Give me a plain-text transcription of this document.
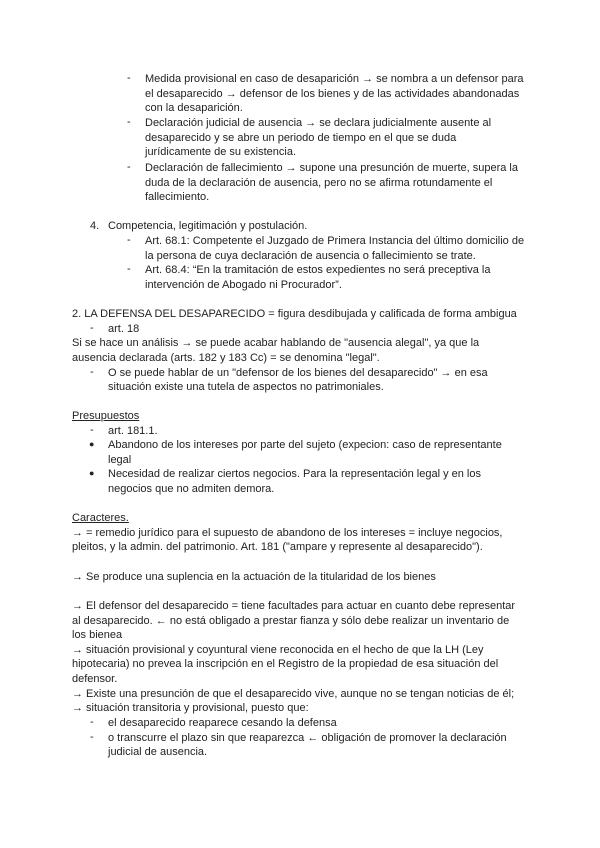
- Medida provisional en caso de desaparición → se nombra a un defensor para
el desaparecido → defensor de los bienes y de las actividades abandonadas
con la desaparición.
- Declaración judicial de ausencia → se declara judicialmente ausente al
desaparecido y se abre un periodo de tiempo en el que se duda
jurídicamente de su existencia.
- Declaración de fallecimiento → supone una presunción de muerte, supera la
duda de la declaración de ausencia, pero no se afirma rotundamente el
fallecimiento.
4. Competencia, legitimación y postulación.
- Art. 68.1: Competente el Juzgado de Primera Instancia del último domicilio de
la persona de cuya declaración de ausencia o fallecimiento se trate.
- Art. 68.4: “En la tramitación de estos expedientes no será preceptiva la
intervención de Abogado ni Procurador”.
2. LA DEFENSA DEL DESAPARECIDO = figura desdibujada y calificada de forma ambigua
- art. 18
Si se hace un análisis → se puede acabar hablando de "ausencia alegal", ya que la
ausencia declarada (arts. 182 y 183 Cc) = se denomina "legal".
- O se puede hablar de un "defensor de los bienes del desaparecido" → en esa
situación existe una tutela de aspectos no patrimoniales.
Presupuestos
- art. 181.1.
● Abandono de los intereses por parte del sujeto (expecion: caso de representante
legal
● Necesidad de realizar ciertos negocios. Para la representación legal y en los
negocios que no admiten demora.
Caracteres.
→ = remedio jurídico para el supuesto de abandono de los intereses = incluye negocios,
pleitos, y la admin. del patrimonio. Art. 181 ("ampare y represente al desaparecido").
→ Se produce una suplencia en la actuación de la titularidad de los bienes
→ El defensor del desaparecido = tiene facultades para actuar en cuanto debe representar
al desaparecido. ← no está obligado a prestar fianza y sólo debe realizar un inventario de
los bienea
→ situación provisional y coyuntural viene reconocida en el hecho de que la LH (Ley
hipotecaria) no prevea la inscripción en el Registro de la propiedad de esa situación del
defensor.
→ Existe una presunción de que el desaparecido vive, aunque no se tengan noticias de él;
→ situación transitoria y provisional, puesto que:
- el desaparecido reaparece cesando la defensa
- o transcurre el plazo sin que reaparezca ← obligación de promover la declaración
judicial de ausencia.
